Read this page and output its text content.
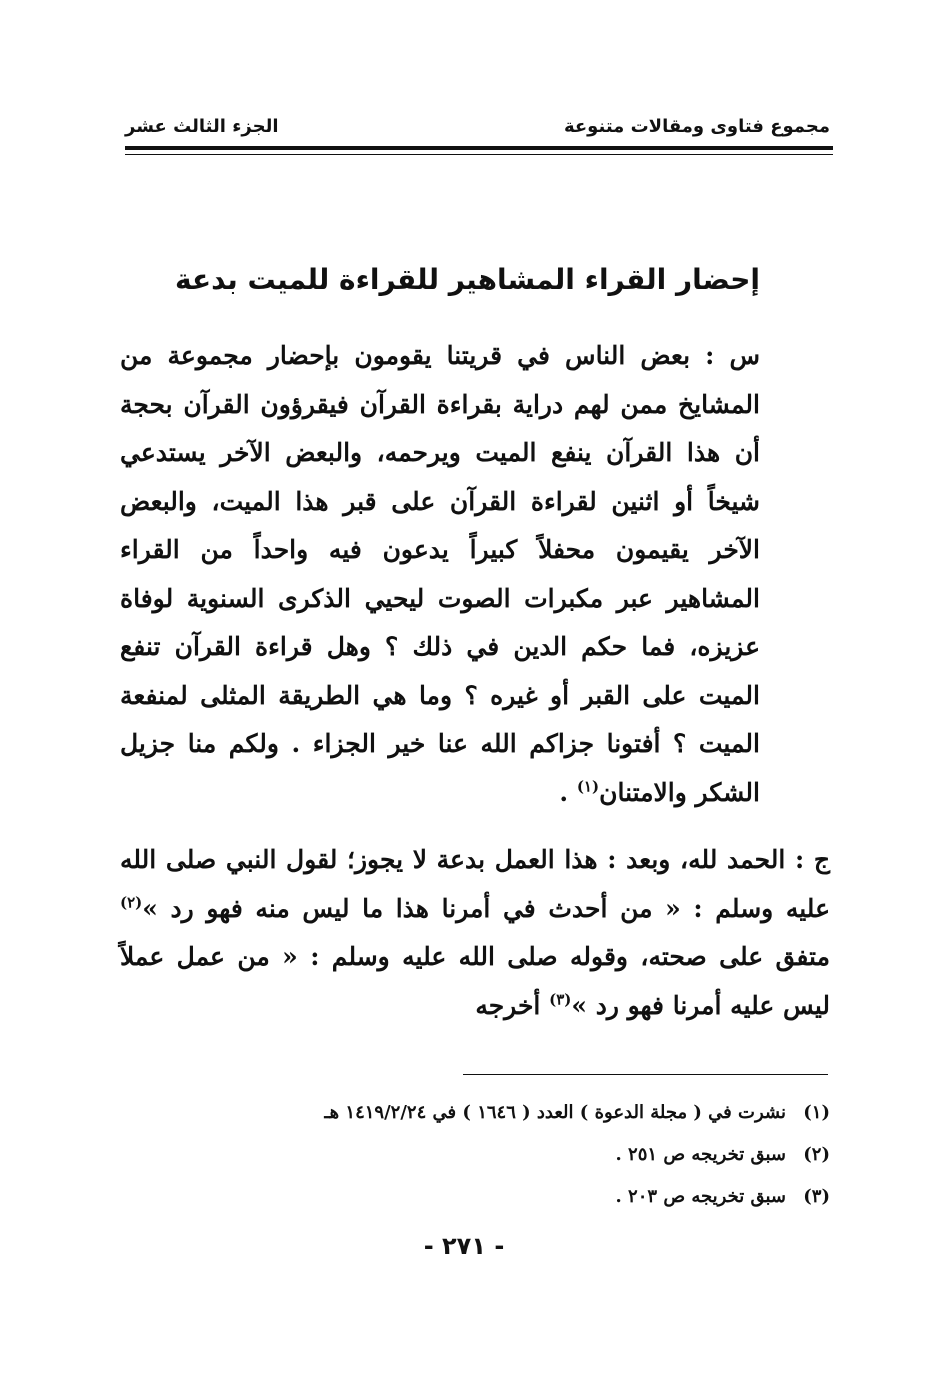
مجموع فتاوى ومقالات متنوعة
الجزء الثالث عشر
إحضار القراء المشاهير للقراءة للميت بدعة

س : بعض الناس في قريتنا يقومون بإحضار مجموعة من المشايخ ممن لهم دراية بقراءة القرآن فيقرؤون القرآن بحجة أن هذا القرآن ينفع الميت ويرحمه، والبعض الآخر يستدعي شيخاً أو اثنين لقراءة القرآن على قبر هذا الميت، والبعض الآخر يقيمون محفلاً كبيراً يدعون فيه واحداً من القراء المشاهير عبر مكبرات الصوت ليحيي الذكرى السنوية لوفاة عزيزه، فما حكم الدين في ذلك ؟ وهل قراءة القرآن تنفع الميت على القبر أو غيره ؟ وما هي الطريقة المثلى لمنفعة الميت ؟ أفتونا جزاكم الله عنا خير الجزاء . ولكم منا جزيل الشكر والامتنان$^{(١)}$ .

ج : الحمد لله، وبعد : هذا العمل بدعة لا يجوز؛ لقول النبي صلى الله عليه وسلم : « من أحدث في أمرنا هذا ما ليس منه فهو رد »$^{(٢)}$ متفق على صحته، وقوله صلى الله عليه وسلم : « من عمل عملاً ليس عليه أمرنا فهو رد »$^{(٣)}$ أخرجه

(١)نشرت في ( مجلة الدعوة ) العدد ( ١٦٤٦ ) في ١٤١٩/٢/٢٤ هـ
(٢)سبق تخريجه ص ٢٥١ .
(٣)سبق تخريجه ص ٢٠٣ .
- ٢٧١ -
